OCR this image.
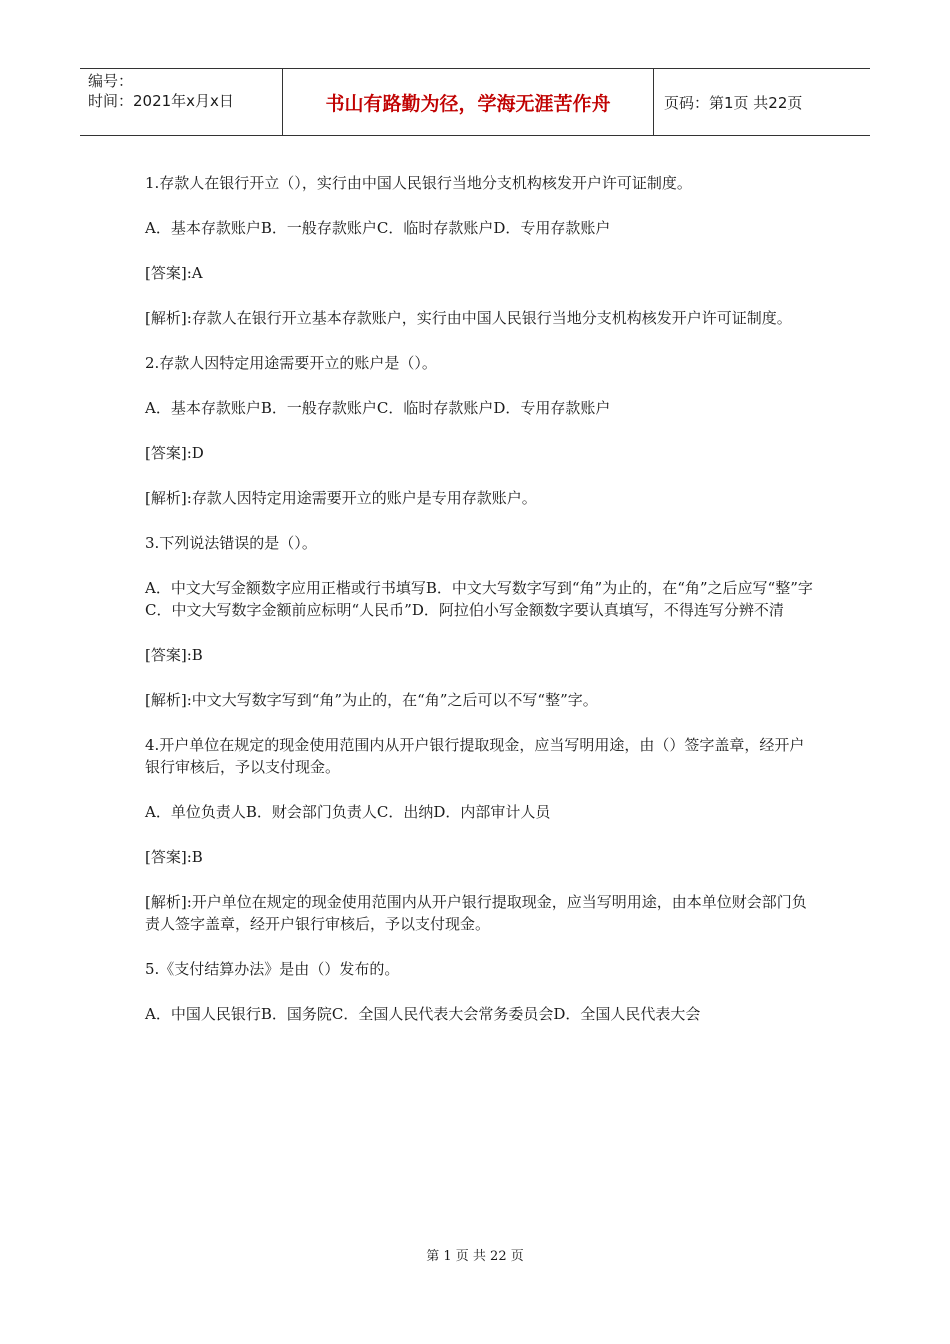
编号：
时间：2021年x月x日	书山有路勤为径，学海无涯苦作舟	页码：第1页 共22页
1.存款人在银行开立（），实行由中国人民银行当地分支机构核发开户许可证制度。
A．基本存款账户B．一般存款账户C．临时存款账户D．专用存款账户
[答案]:A
[解析]:存款人在银行开立基本存款账户，实行由中国人民银行当地分支机构核发开户许可证制度。
2.存款人因特定用途需要开立的账户是（）。
A．基本存款账户B．一般存款账户C．临时存款账户D．专用存款账户
[答案]:D
[解析]:存款人因特定用途需要开立的账户是专用存款账户。
3.下列说法错误的是（）。
A．中文大写金额数字应用正楷或行书填写B．中文大写数字写到“角”为止的，在“角”之后应写“整”字C．中文大写数字金额前应标明“人民币”D．阿拉伯小写金额数字要认真填写，不得连写分辨不清
[答案]:B
[解析]:中文大写数字写到“角”为止的，在“角”之后可以不写“整”字。
4.开户单位在规定的现金使用范围内从开户银行提取现金，应当写明用途，由（）签字盖章，经开户银行审核后，予以支付现金。
A．单位负责人B．财会部门负责人C．出纳D．内部审计人员
[答案]:B
[解析]:开户单位在规定的现金使用范围内从开户银行提取现金，应当写明用途，由本单位财会部门负责人签字盖章，经开户银行审核后，予以支付现金。
5.《支付结算办法》是由（）发布的。
A．中国人民银行B．国务院C．全国人民代表大会常务委员会D．全国人民代表大会
第 1 页 共 22 页
